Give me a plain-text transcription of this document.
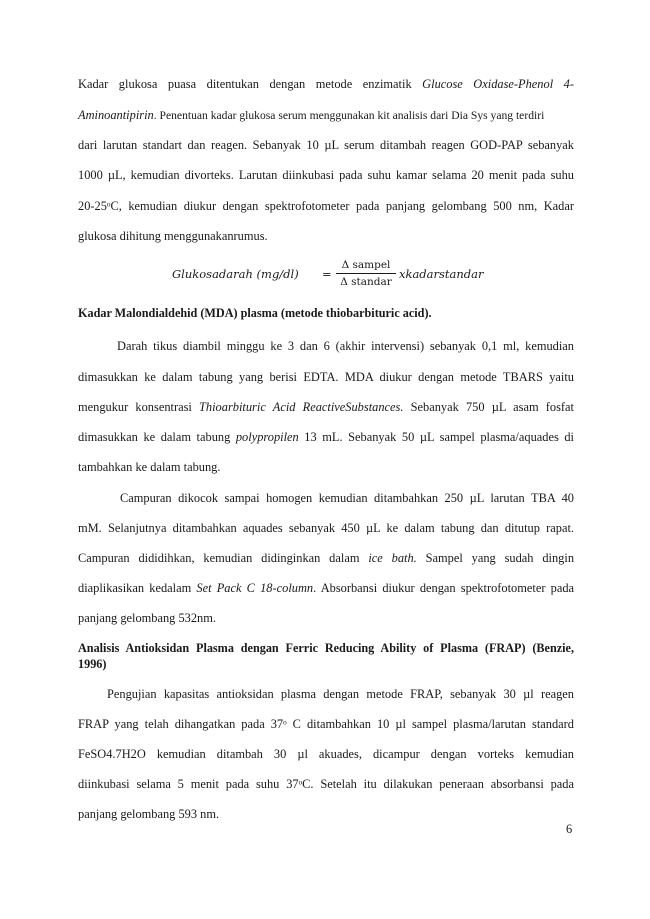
Kadar glukosa puasa ditentukan dengan metode enzimatik Glucose Oxidase-Phenol 4-
Aminoantipirin. Penentuan kadar glukosa serum menggunakan kit analisis dari Dia Sys yang terdiri
dari larutan standart dan reagen. Sebanyak 10 µL serum ditambah reagen GOD-PAP sebanyak
1000 µL, kemudian divorteks. Larutan diinkubasi pada suhu kamar selama 20 menit pada suhu
20-25ᵒC, kemudian diukur dengan spektrofotometer pada panjang gelombang 500 nm, Kadar
glukosa dihitung menggunakanrumus.
Glukosadarah (mg/dl) =
Δ sampel
Δ standar
xkadarstandar
Kadar Malondialdehid (MDA) plasma (metode thiobarbituric acid).
Darah tikus diambil minggu ke 3 dan 6 (akhir intervensi) sebanyak 0,1 ml, kemudian
dimasukkan ke dalam tabung yang berisi EDTA. MDA diukur dengan metode TBARS yaitu
mengukur konsentrasi Thioarbituric Acid ReactiveSubstances. Sebanyak 750 µL asam fosfat
dimasukkan ke dalam tabung polypropilen 13 mL. Sebanyak 50 µL sampel plasma/aquades di
tambahkan ke dalam tabung.
Campuran dikocok sampai homogen kemudian ditambahkan 250 µL larutan TBA 40
mM. Selanjutnya ditambahkan aquades sebanyak 450 µL ke dalam tabung dan ditutup rapat.
Campuran dididihkan, kemudian didinginkan dalam ice bath. Sampel yang sudah dingin
diaplikasikan kedalam Set Pack C 18-column. Absorbansi diukur dengan spektrofotometer pada
panjang gelombang 532nm.
Analisis Antioksidan Plasma dengan Ferric Reducing Ability of Plasma (FRAP) (Benzie,
1996)
Pengujian kapasitas antioksidan plasma dengan metode FRAP, sebanyak 30 µl reagen
FRAP yang telah dihangatkan pada 37ᵒ C ditambahkan 10 µl sampel plasma/larutan standard
FeSO4.7H2O kemudian ditambah 30 µl akuades, dicampur dengan vorteks kemudian
diinkubasi selama 5 menit pada suhu 37ᵒC. Setelah itu dilakukan peneraan absorbansi pada
panjang gelombang 593 nm.
6
